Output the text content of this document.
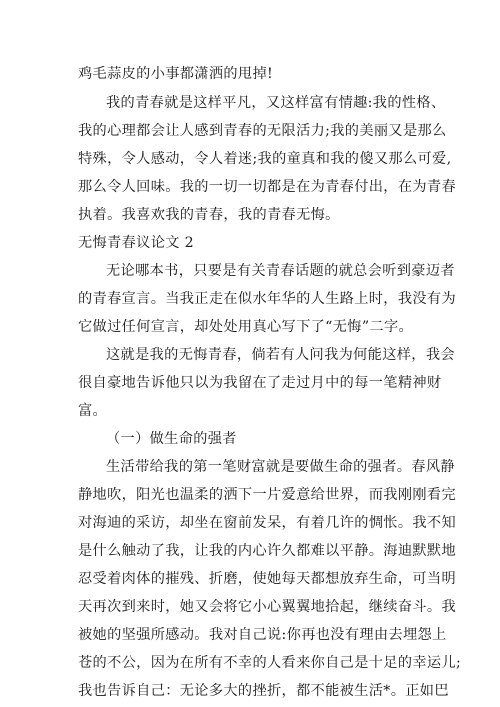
鸡毛蒜皮的小事都潇洒的甩掉!
我的青春就是这样平凡，又这样富有情趣:我的性格、
我的心理都会让人感到青春的无限活力;我的美丽又是那么
特殊，令人感动，令人着迷;我的童真和我的傻又那么可爱,
那么令人回味。我的一切一切都是在为青春付出，在为青春
执着。我喜欢我的青春，我的青春无悔。
无悔青春议论文 2
无论哪本书，只要是有关青春话题的就总会听到豪迈者
的青春宣言。当我正走在似水年华的人生路上时，我没有为
它做过任何宣言，却处处用真心写下了“无悔”二字。
这就是我的无悔青春，倘若有人问我为何能这样，我会
很自豪地告诉他只以为我留在了走过月中的每一笔精神财
富。
（一）做生命的强者
生活带给我的第一笔财富就是要做生命的强者。春风静
静地吹，阳光也温柔的洒下一片爱意给世界，而我刚刚看完
对海迪的采访，却坐在窗前发呆，有着几许的惆怅。我不知
是什么触动了我，让我的内心许久都难以平静。海迪默默地
忍受着肉体的摧残、折磨，使她每天都想放弃生命，可当明
天再次到来时，她又会将它小心翼翼地拾起，继续奋斗。我
被她的坚强所感动。我对自己说:你再也没有理由去埋怨上
苍的不公，因为在所有不幸的人看来你自己是十足的幸运儿;
我也告诉自己：无论多大的挫折，都不能被生活*。正如巴
